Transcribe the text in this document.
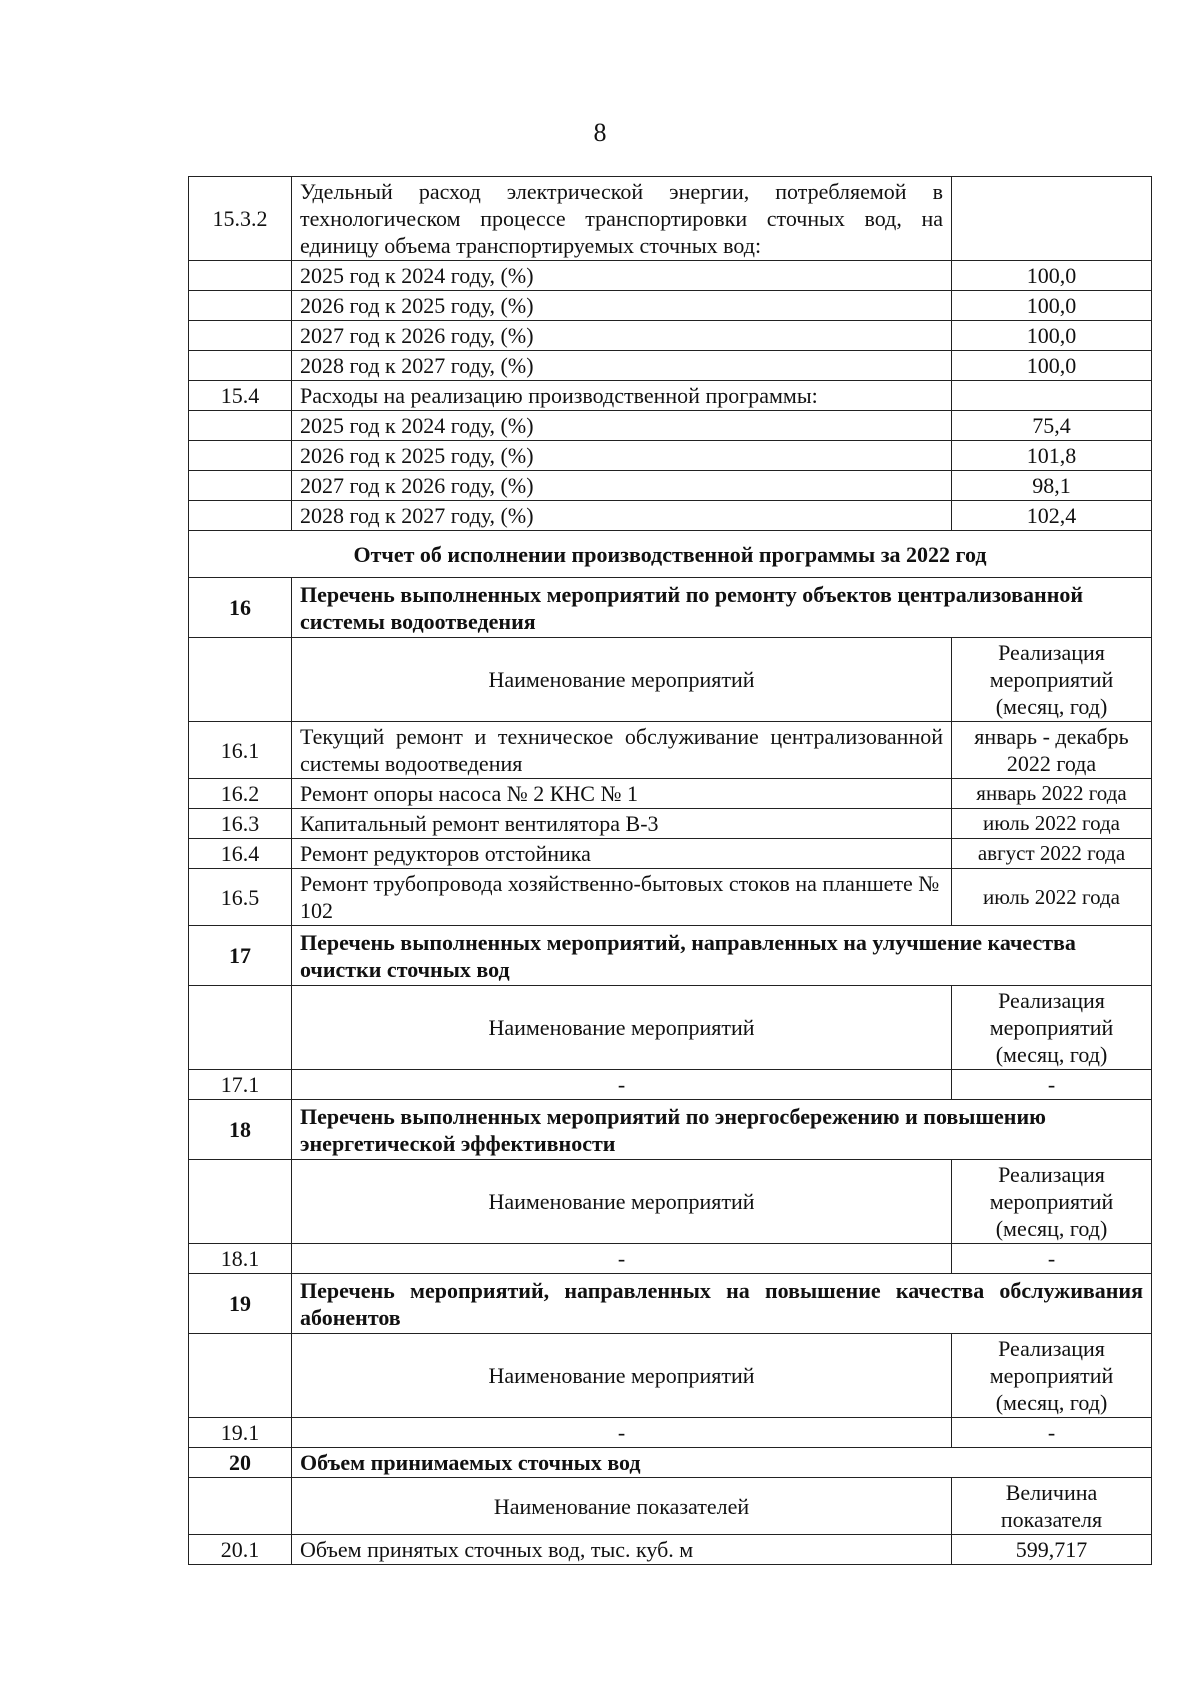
8
15.3.2	Удельный расход электрической энергии, потребляемой в технологическом процессе транспортировки сточных вод, на единицу объема транспортируемых сточных вод:	
	2025 год к 2024 году, (%)	100,0
	2026 год к 2025 году, (%)	100,0
	2027 год к 2026 году, (%)	100,0
	2028 год к 2027 году, (%)	100,0
15.4	Расходы на реализацию производственной программы:	
	2025 год к 2024 году, (%)	75,4
	2026 год к 2025 году, (%)	101,8
	2027 год к 2026 году, (%)	98,1
	2028 год к 2027 году, (%)	102,4
Отчет об исполнении производственной программы за 2022 год		
16	Перечень выполненных мероприятий по ремонту объектов централизованной системы водоотведения	
	Наименование мероприятий	Реализация мероприятий (месяц, год)
16.1	Текущий ремонт и техническое обслуживание централизованной системы водоотведения	январь - декабрь 2022 года
16.2	Ремонт опоры насоса № 2 КНС № 1	январь 2022 года
16.3	Капитальный ремонт вентилятора В-3	июль 2022 года
16.4	Ремонт редукторов отстойника	август 2022 года
16.5	Ремонт трубопровода хозяйственно-бытовых стоков на планшете № 102	июль 2022 года
17	Перечень выполненных мероприятий, направленных на улучшение качества очистки сточных вод	
	Наименование мероприятий	Реализация мероприятий (месяц, год)
17.1	-	-
18	Перечень выполненных мероприятий по энергосбережению и повышению энергетической эффективности	
	Наименование мероприятий	Реализация мероприятий (месяц, год)
18.1	-	-
19	Перечень мероприятий, направленных на повышение качества обслуживания абонентов	
	Наименование мероприятий	Реализация мероприятий (месяц, год)
19.1	-	-
20	Объем принимаемых сточных вод	
	Наименование показателей	Величина показателя
20.1	Объем принятых сточных вод, тыс. куб. м	599,717
